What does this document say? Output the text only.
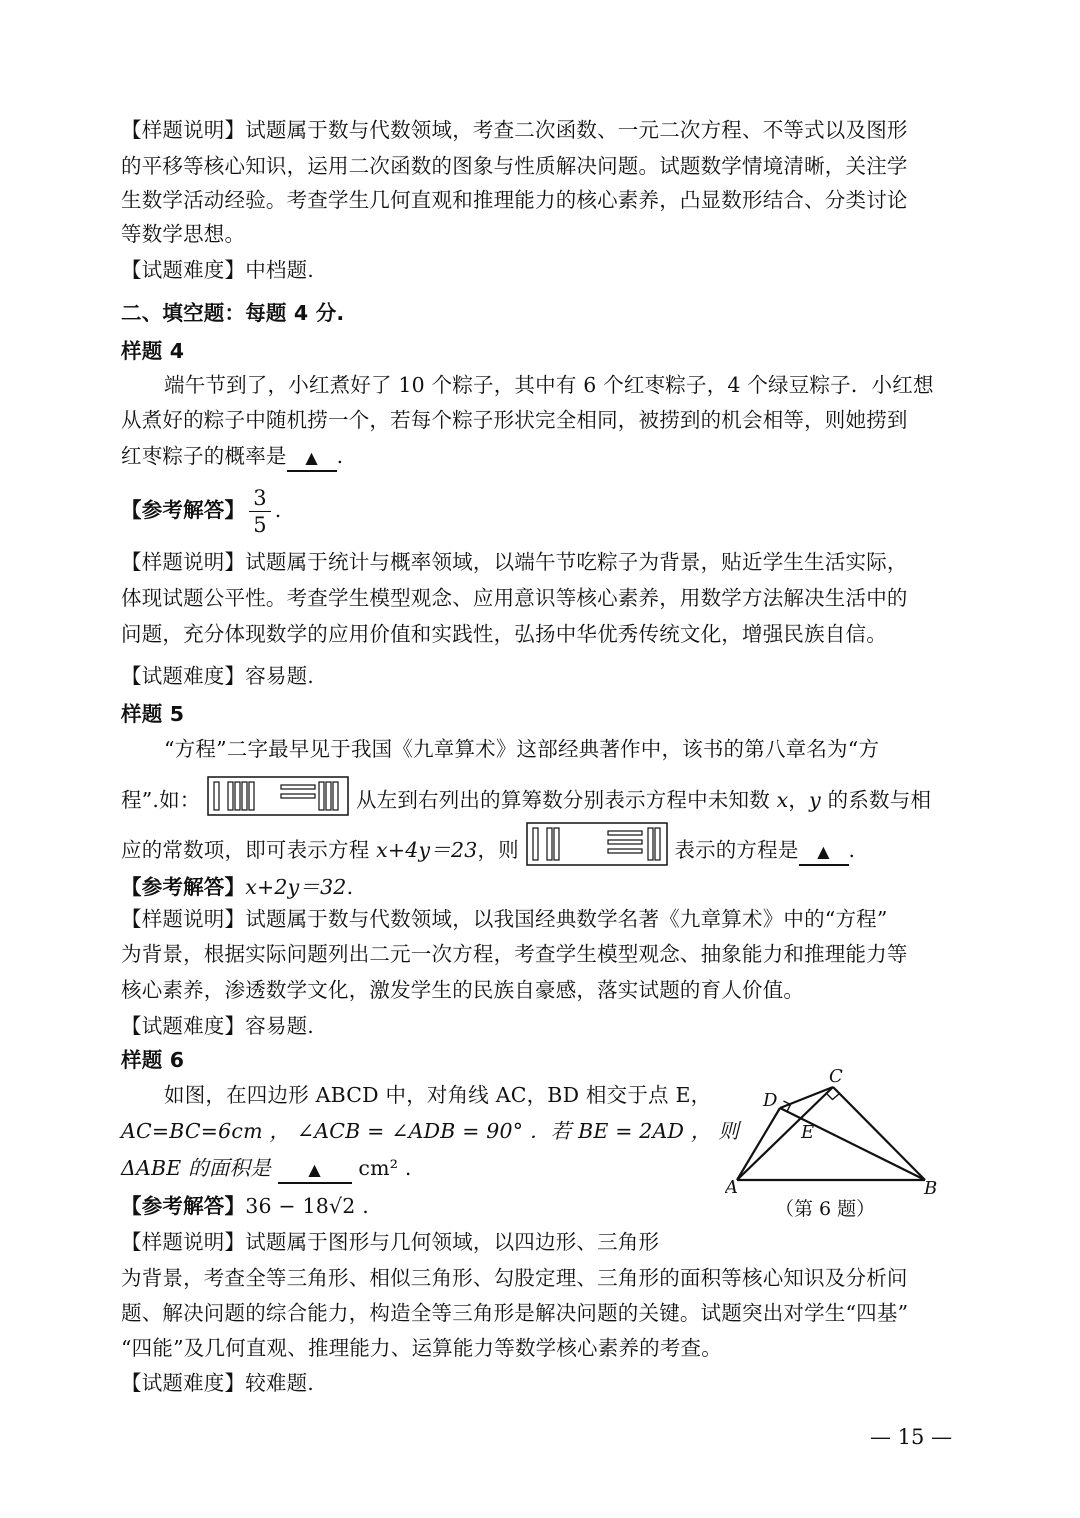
【样题说明】试题属于数与代数领域，考查二次函数、一元二次方程、不等式以及图形
的平移等核心知识，运用二次函数的图象与性质解决问题。试题数学情境清晰，关注学
生数学活动经验。考查学生几何直观和推理能力的核心素养，凸显数形结合、分类讨论
等数学思想。
【试题难度】中档题.
二、填空题：每题 4 分.
样题 4
端午节到了，小红煮好了 10 个粽子，其中有 6 个红枣粽子，4 个绿豆粽子．小红想
从煮好的粽子中随机捞一个，若每个粽子形状完全相同，被捞到的机会相等，则她捞到
红枣粽子的概率是 ▲ .
【参考解答】 $\frac{3}{5}$ .
【样题说明】试题属于统计与概率领域，以端午节吃粽子为背景，贴近学生生活实际，
体现试题公平性。考查学生模型观念、应用意识等核心素养，用数学方法解决生活中的
问题，充分体现数学的应用价值和实践性，弘扬中华优秀传统文化，增强民族自信。
【试题难度】容易题.
样题 5
“方程”二字最早见于我国《九章算术》这部经典著作中，该书的第八章名为“方
程”.如：	从左到右列出的算筹数分别表示方程中未知数 x，y 的系数与相
应的常数项，即可表示方程 x+4y＝23，则	表示的方程是 ▲ .
【参考解答】x+2y＝32.
【样题说明】试题属于数与代数领域，以我国经典数学名著《九章算术》中的“方程”
为背景，根据实际问题列出二元一次方程，考查学生模型观念、抽象能力和推理能力等
核心素养，渗透数学文化，激发学生的民族自豪感，落实试题的育人价值。
【试题难度】容易题.
样题 6
如图，在四边形 ABCD 中，对角线 AC，BD 相交于点 E，
AC=BC=6cm ， ∠ACB = ∠ADB = 90° ．若 BE = 2AD ， 则
ΔABE 的面积是 ▲ cm² .
【参考解答】36 − 18√2 .
A	B
C
D
E
（第 6 题）
【样题说明】试题属于图形与几何领域，以四边形、三角形
为背景，考查全等三角形、相似三角形、勾股定理、三角形的面积等核心知识及分析问
题、解决问题的综合能力，构造全等三角形是解决问题的关键。试题突出对学生“四基”
“四能”及几何直观、推理能力、运算能力等数学核心素养的考查。
【试题难度】较难题.
— 15 —
